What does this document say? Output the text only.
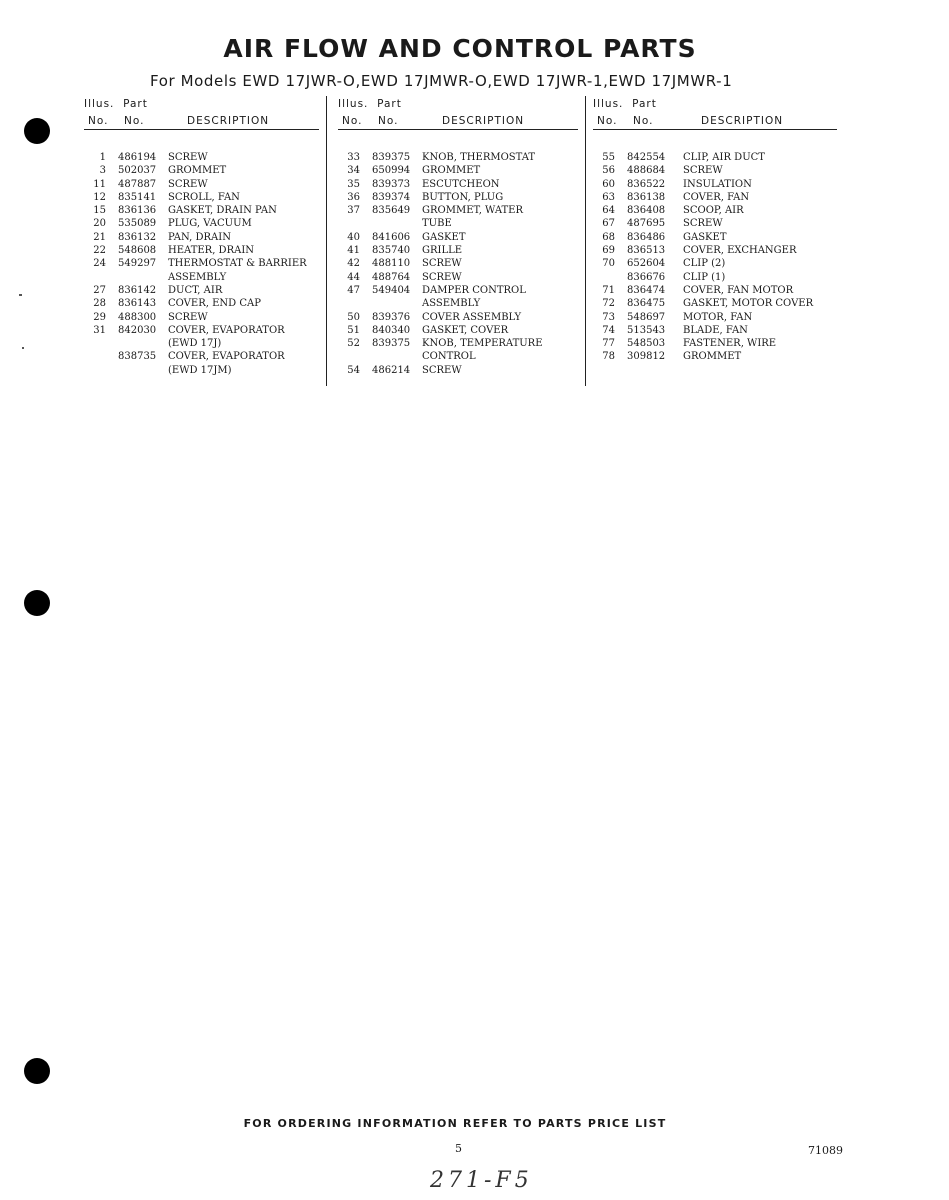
AIR FLOW AND CONTROL PARTS
For Models EWD 17JWR-O,EWD 17JMWR-O,EWD 17JWR-1,EWD 17JMWR-1
Illus. Part
No. No.	DESCRIPTION
1 486194 SCREW
3 502037 GROMMET
11 487887 SCREW
12 835141 SCROLL, FAN
15 836136 GASKET, DRAIN PAN
20 535089 PLUG, VACUUM
21 836132 PAN, DRAIN
22 548608 HEATER, DRAIN
24 549297 THERMOSTAT & BARRIER
ASSEMBLY
27 836142 DUCT, AIR
28 836143 COVER, END CAP
29 488300 SCREW
31 842030 COVER, EVAPORATOR
(EWD 17J)
838735 COVER, EVAPORATOR
(EWD 17JM)
Illus. Part
No. No.	DESCRIPTION
33 839375 KNOB, THERMOSTAT
34 650994 GROMMET
35 839373 ESCUTCHEON
36 839374 BUTTON, PLUG
37 835649 GROMMET, WATER
TUBE
40 841606 GASKET
41 835740 GRILLE
42 488110 SCREW
44 488764 SCREW
47 549404 DAMPER CONTROL
ASSEMBLY
50 839376 COVER ASSEMBLY
51 840340 GASKET, COVER
52 839375 KNOB, TEMPERATURE
CONTROL
54 486214 SCREW
Illus. Part
No. No.	DESCRIPTION
55 842554 CLIP, AIR DUCT
56 488684 SCREW
60 836522 INSULATION
63 836138 COVER, FAN
64 836408 SCOOP, AIR
67 487695 SCREW
68 836486 GASKET
69 836513 COVER, EXCHANGER
70 652604 CLIP (2)
836676 CLIP (1)
71 836474 COVER, FAN MOTOR
72 836475 GASKET, MOTOR COVER
73 548697 MOTOR, FAN
74 513543 BLADE, FAN
77 548503 FASTENER, WIRE
78 309812 GROMMET
FOR ORDERING INFORMATION REFER TO PARTS PRICE LIST
5	71089
271-F5
